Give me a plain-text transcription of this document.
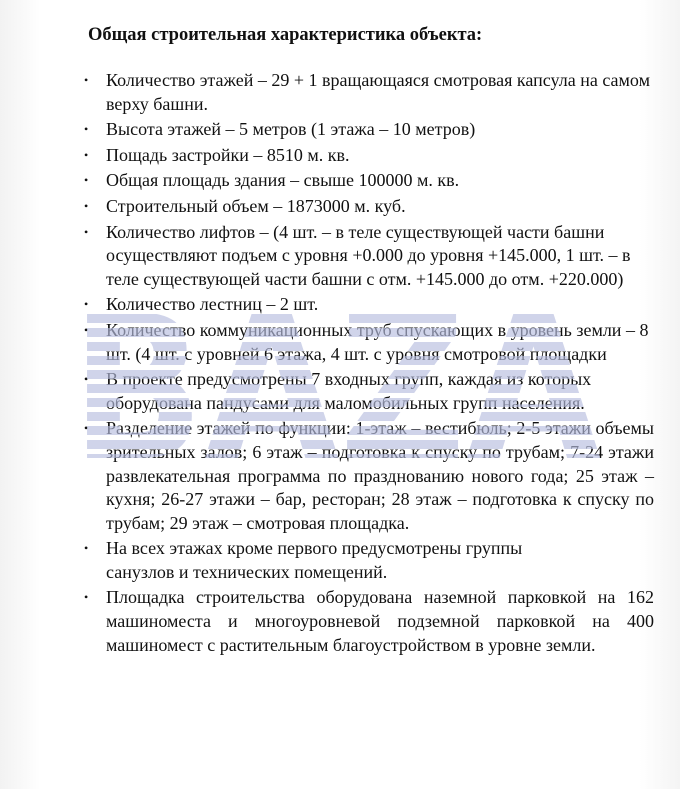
Общая строительная характеристика объекта:
• Количество этажей – 29 + 1 вращающаяся смотровая капсула на самом верху башни.
• Высота этажей – 5 метров (1 этажа – 10 метров)
• Пощадь застройки – 8510 м. кв.
• Общая площадь здания – свыше 100000 м. кв.
• Строительный объем – 1873000 м. куб.
• Количество лифтов – (4 шт. – в теле существующей части башни осуществляют подъем с уровня +0.000 до уровня +145.000, 1 шт. – в теле существующей части башни с отм. +145.000 до отм. +220.000)
• Количество лестниц – 2 шт.
• Количество коммуникационных труб спускающих в уровень земли – 8 шт. (4 шт. с уровней 6 этажа, 4 шт. с уровня смотровой площадки
• В проекте предусмотрены 7 входных групп, каждая из которых оборудована пандусами для маломобильных групп населения.
• Разделение этажей по функции: 1-этаж – вестибюль; 2-5 этажи объемы зрительных залов; 6 этаж – подготовка к спуску по трубам; 7-24 этажи развлекательная программа по празднованию нового года; 25 этаж – кухня; 26-27 этажи – бар, ресторан; 28 этаж – подготовка к спуску по трубам; 29 этаж – смотровая площадка.
• На всех этажах кроме первого предусмотрены группы санузлов и технических помещений.
• Площадка строительства оборудована наземной парковкой на 162 машиноместа и многоуровневой подземной парковкой на 400 машиномест с растительным благоустройством в уровне земли.
BAZA
